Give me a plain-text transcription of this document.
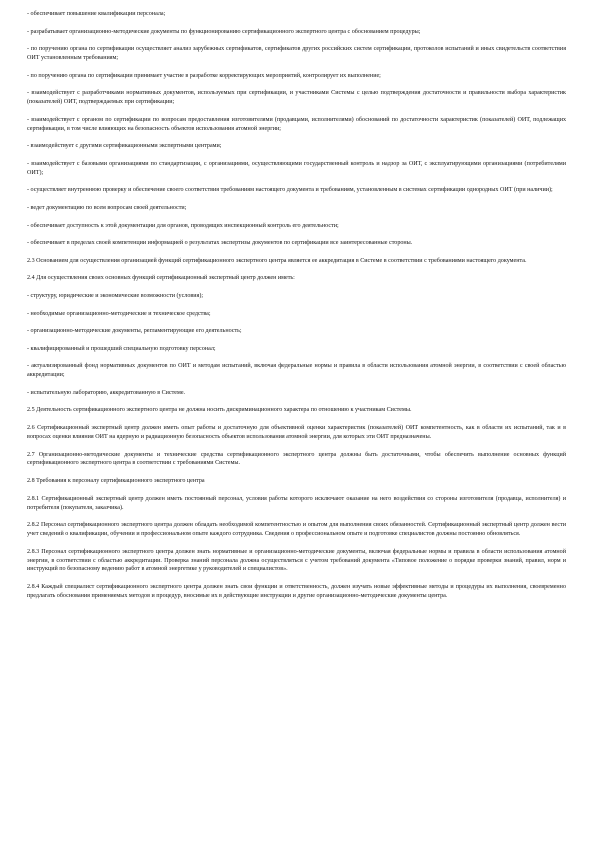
- обеспечивает повышение квалификации персонала;

- разрабатывает организационно-методические документы по функционированию сертификационного экспертного центра с обоснованием процедуры;

- по поручению органа по сертификации осуществляет анализ зарубежных сертификатов, сертификатов других российских систем сертификации, протоколов испытаний и иных свидетельств соответствия ОИТ установленным требованиям;

- по поручению органа по сертификации принимает участие в разработке корректирующих мероприятий, контролирует их выполнение;

- взаимодействует с разработчиками нормативных документов, используемых при сертификации, и участниками Системы с целью подтверждения достаточности и правильности выбора характеристик (показателей) ОИТ, подтверждаемых при сертификации;

- взаимодействует с органом по сертификации по вопросам предоставления изготовителями (продавцами, исполнителями) обоснований по достаточности характеристик (показателей) ОИТ, подлежащих сертификации, в том числе влияющих на безопасность объектов использования атомной энергии;

- взаимодействует с другими сертификационными экспертными центрами;

- взаимодействует с базовыми организациями по стандартизации, с организациями, осуществляющими государственный контроль и надзор за ОИТ, с эксплуатирующими организациями (потребителями ОИТ);

- осуществляет внутреннюю проверку и обеспечение своего соответствия требованиям настоящего документа и требованиям, установленным в системах сертификации однородных ОИТ (при наличии);

- ведет документацию по всем вопросам своей деятельности;

- обеспечивает доступность к этой документации для органов, проводящих инспекционный контроль его деятельности;

- обеспечивает в пределах своей компетенции информацией о результатах экспертизы документов по сертификации все заинтересованные стороны.

2.3 Основанием для осуществления организацией функций сертификационного экспертного центра является ее аккредитация в Системе в соответствии с требованиями настоящего документа.

2.4 Для осуществления своих основных функций сертификационный экспертный центр должен иметь:

- структуру, юридические и экономические возможности (условия);

- необходимые организационно-методические и техническое средства;

- организационно-методические документы, регламентирующие его деятельность;

- квалифицированный и прошедший специальную подготовку персонал;

- актуализированный фонд нормативных документов по ОИТ и методам испытаний, включая федеральные нормы и правила в области использования атомной энергии, в соответствии с своей областью аккредитации;

- испытательную лабораторию, аккредитованную в Системе.

2.5 Деятельность сертификационного экспертного центра не должна носить дискриминационного характера по отношению к участникам Системы.

2.6 Сертификационный экспертный центр должен иметь опыт работы и достаточную для объективной оценки характеристик (показателей) ОИТ компетентность, как в области их испытаний, так и в вопросах оценки влияния ОИТ на ядерную и радиационную безопасность объектов использования атомной энергии, для которых эти ОИТ предназначены.

2.7 Организационно-методические документы и технические средства сертификационного экспертного центра должны быть достаточными, чтобы обеспечить выполнение основных функций сертификационного экспертного центра в соответствии с требованиями Системы.

2.8 Требования к персоналу сертификационного экспертного центра

2.8.1 Сертификационный экспертный центр должен иметь постоянный персонал, условия работы которого исключают оказание на него воздействия со стороны изготовителя (продавца, исполнителя) и потребителя (покупателя, заказчика).

2.8.2 Персонал сертификационного экспертного центра должен обладать необходимой компетентностью и опытом для выполнения своих обязанностей. Сертификационный экспертный центр должен вести учет сведений о квалификации, обучении и профессиональном опыте каждого сотрудника. Сведения о профессиональном опыте и подготовке специалистов должны постоянно обновляться.

2.8.3 Персонал сертификационного экспертного центра должен знать нормативные и организационно-методические документы, включая федеральные нормы и правила в области использования атомной энергии, в соответствии с областью аккредитации. Проверка знаний персонала должна осуществляться с учетом требований документа «Типовое положение о порядке проверки знаний, правил, норм и инструкций по безопасному ведению работ в атомной энергетике у руководителей и специалистов».

2.8.4 Каждый специалист сертификационного экспертного центра должен знать свои функции и ответственность, должен изучать новые эффективные методы и процедуры их выполнения, своевременно предлагать обоснования применяемых методов и процедур, вносимые их в действующие инструкции и другие организационно-методические документы центра.
